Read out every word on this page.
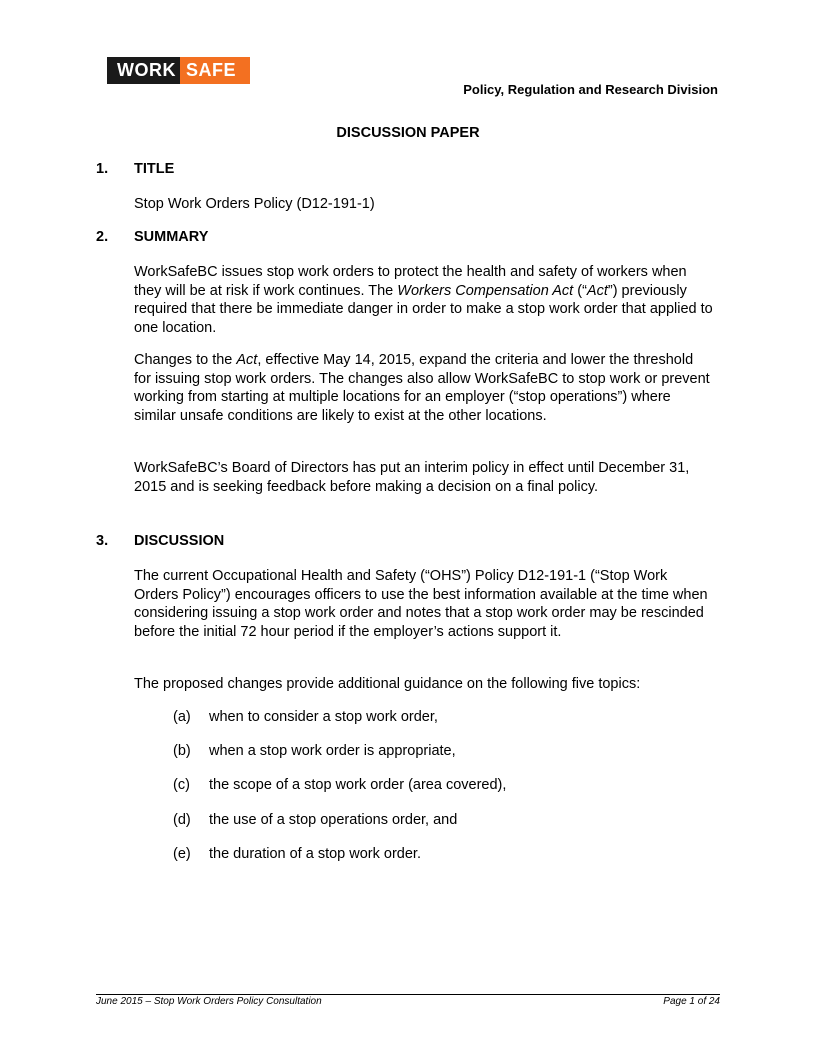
WORK SAFE BC	Policy, Regulation and Research Division
DISCUSSION PAPER
1. TITLE
Stop Work Orders Policy (D12-191-1)
2. SUMMARY
WorkSafeBC issues stop work orders to protect the health and safety of workers when they will be at risk if work continues. The Workers Compensation Act (“Act”) previously required that there be immediate danger in order to make a stop work order that applied to one location.
Changes to the Act, effective May 14, 2015, expand the criteria and lower the threshold for issuing stop work orders. The changes also allow WorkSafeBC to stop work or prevent working from starting at multiple locations for an employer (“stop operations”) where similar unsafe conditions are likely to exist at the other locations.
WorkSafeBC’s Board of Directors has put an interim policy in effect until December 31, 2015 and is seeking feedback before making a decision on a final policy.
3. DISCUSSION
The current Occupational Health and Safety (“OHS”) Policy D12-191-1 (“Stop Work Orders Policy”) encourages officers to use the best information available at the time when considering issuing a stop work order and notes that a stop work order may be rescinded before the initial 72 hour period if the employer’s actions support it.
The proposed changes provide additional guidance on the following five topics:
(a) when to consider a stop work order,
(b) when a stop work order is appropriate,
(c) the scope of a stop work order (area covered),
(d) the use of a stop operations order, and
(e) the duration of a stop work order.
June 2015 – Stop Work Orders Policy Consultation	Page 1 of 24
